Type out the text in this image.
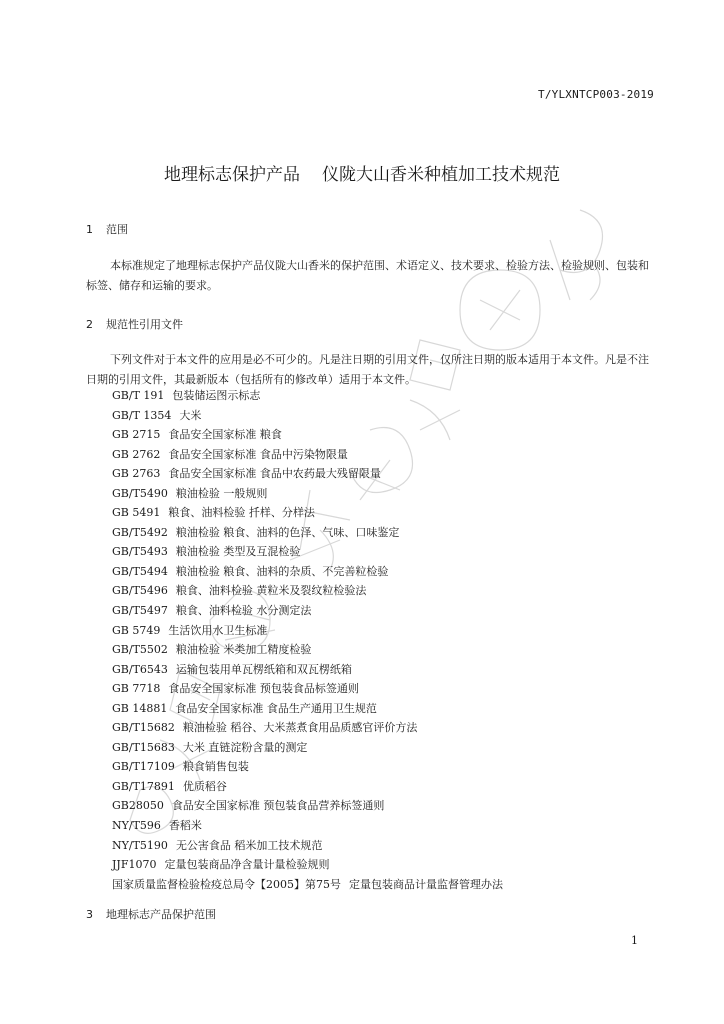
T/YLXNTCP003-2019
地理标志保护产品 仪陇大山香米种植加工技术规范
1 范围
本标准规定了地理标志保护产品仪陇大山香米的保护范围、术语定义、技术要求、检验方法、检验规则、包装和标签、储存和运输的要求。
2 规范性引用文件
下列文件对于本文件的应用是必不可少的。凡是注日期的引用文件，仅所注日期的版本适用于本文件。凡是不注日期的引用文件，其最新版本（包括所有的修改单）适用于本文件。
GB/T 191 包装储运图示标志
GB/T 1354 大米
GB 2715 食品安全国家标准 粮食
GB 2762 食品安全国家标准 食品中污染物限量
GB 2763 食品安全国家标准 食品中农药最大残留限量
GB/T5490 粮油检验 一般规则
GB 5491 粮食、油料检验 扦样、分样法
GB/T5492 粮油检验 粮食、油料的色泽、气味、口味鉴定
GB/T5493 粮油检验 类型及互混检验
GB/T5494 粮油检验 粮食、油料的杂质、不完善粒检验
GB/T5496 粮食、油料检验 黄粒米及裂纹粒检验法
GB/T5497 粮食、油料检验 水分测定法
GB 5749 生活饮用水卫生标准
GB/T5502 粮油检验 米类加工精度检验
GB/T6543 运输包装用单瓦楞纸箱和双瓦楞纸箱
GB 7718 食品安全国家标准 预包装食品标签通则
GB 14881 食品安全国家标准 食品生产通用卫生规范
GB/T15682 粮油检验 稻谷、大米蒸煮食用品质感官评价方法
GB/T15683 大米 直链淀粉含量的测定
GB/T17109 粮食销售包装
GB/T17891 优质稻谷
GB28050 食品安全国家标准 预包装食品营养标签通则
NY/T596 香稻米
NY/T5190 无公害食品 稻米加工技术规范
JJF1070 定量包装商品净含量计量检验规则
国家质量监督检验检疫总局令【2005】第75号 定量包装商品计量监督管理办法
3 地理标志产品保护范围
1
